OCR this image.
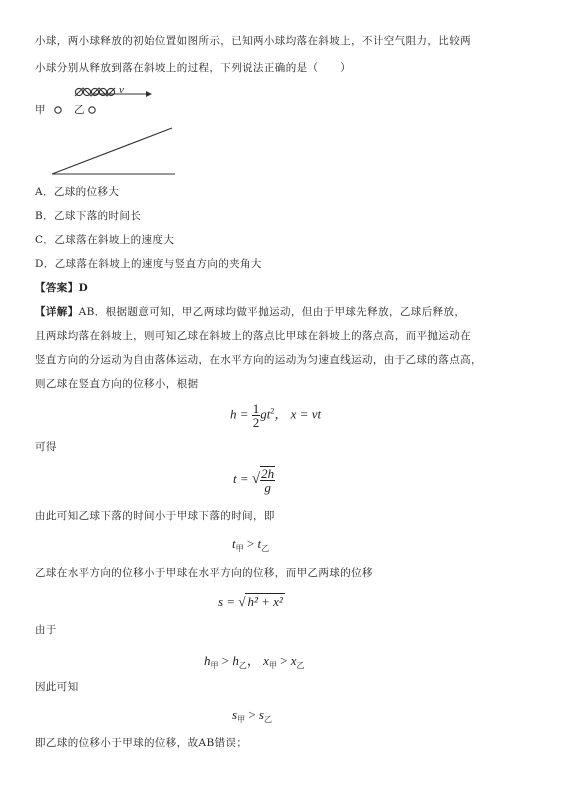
小球，两小球释放的初始位置如图所示，已知两小球均落在斜坡上，不计空气阻力，比较两
小球分别从释放到落在斜坡上的过程，下列说法正确的是（　　）
甲	乙
v
A．乙球的位移大
B．乙球下落的时间长
C．乙球落在斜坡上的速度大
D．乙球落在斜坡上的速度与竖直方向的夹角大
【答案】D
【详解】AB．根据题意可知，甲乙两球均做平抛运动，但由于甲球先释放，乙球后释放，
且两球均落在斜坡上，则可知乙球在斜坡上的落点比甲球在斜坡上的落点高，而平抛运动在
竖直方向的分运动为自由落体运动，在水平方向的运动为匀速直线运动，由于乙球的落点高，
则乙球在竖直方向的位移小，根据
$h = \frac{1}{2} gt^2$， x = vt
可得
t = √ $\frac{2h}{g}$
由此可知乙球下落的时间小于甲球下落的时间，即
$t_甲 > t_乙$
乙球在水平方向的位移小于甲球在水平方向的位移，而甲乙两球的位移
s = √ h² + x²
由于
$h_甲 > h_乙$， $x_甲 > x_乙$
因此可知
$s_甲 > s_乙$
即乙球的位移小于甲球的位移，故AB错误；
